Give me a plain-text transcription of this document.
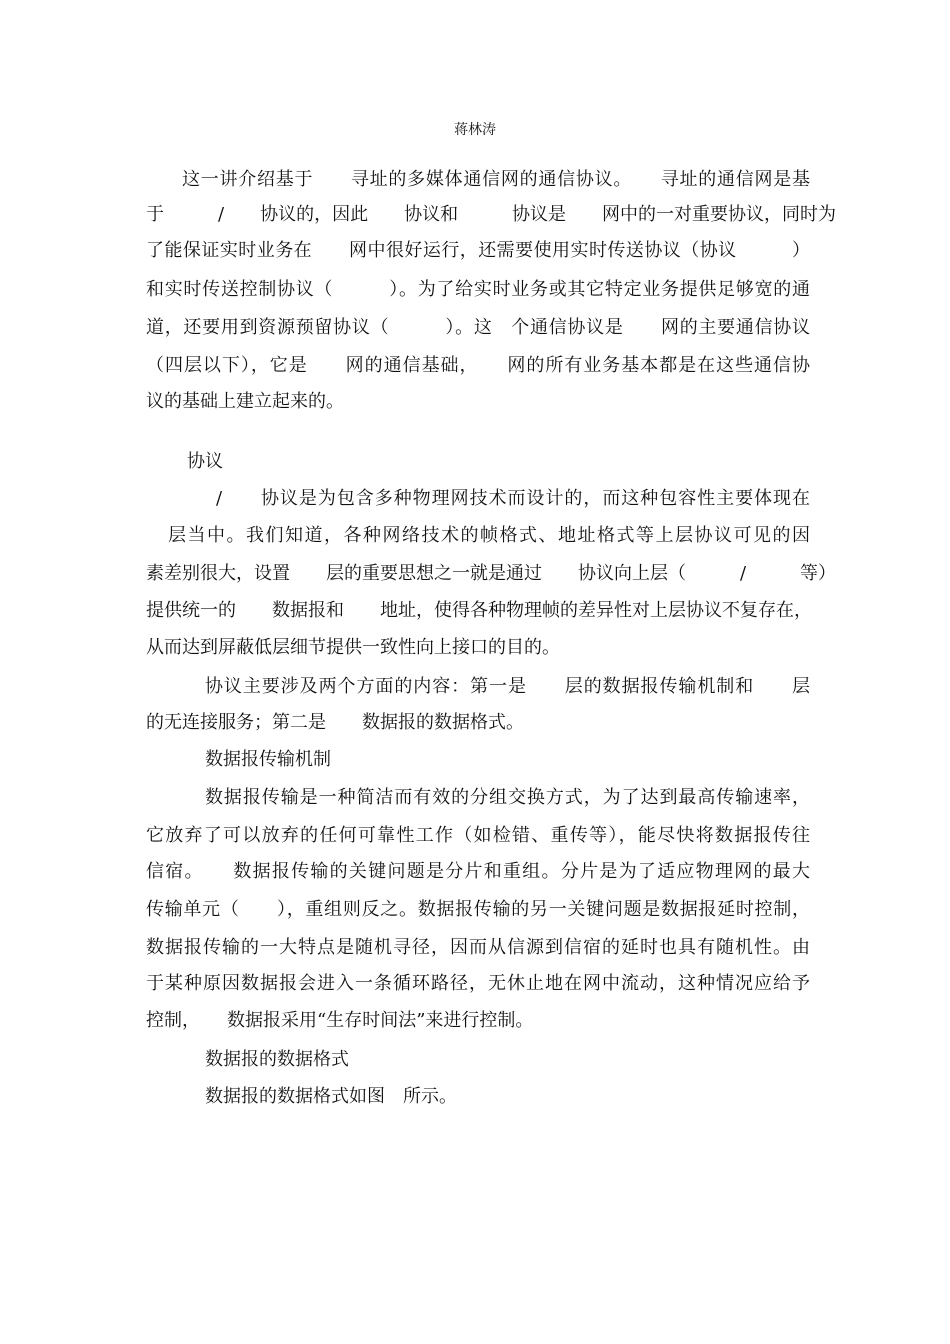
蒋林涛
这一讲介绍基于　　寻址的多媒体通信网的通信协议。　　寻址的通信网是基
于　　　/　　协议的，因此　　协议和　　　协议是　　网中的一对重要协议，同时为
了能保证实时业务在　　网中很好运行，还需要使用实时传送协议（协议　　　）
和实时传送控制协议（　　　）。为了给实时业务或其它特定业务提供足够宽的通
道，还要用到资源预留协议（　　　）。这　个通信协议是　　网的主要通信协议
（四层以下），它是　　网的通信基础，　　网的所有业务基本都是在这些通信协
议的基础上建立起来的。
协议
/　　协议是为包含多种物理网技术而设计的，而这种包容性主要体现在
层当中。我们知道，各种网络技术的帧格式、地址格式等上层协议可见的因
素差别很大，设置　　层的重要思想之一就是通过　　协议向上层（　　　/　　　等）
提供统一的　　数据报和　　地址，使得各种物理帧的差异性对上层协议不复存在，
从而达到屏蔽低层细节提供一致性向上接口的目的。
协议主要涉及两个方面的内容：第一是　　层的数据报传输机制和　　层
的无连接服务；第二是　　数据报的数据格式。
数据报传输机制
数据报传输是一种简洁而有效的分组交换方式，为了达到最高传输速率，
它放弃了可以放弃的任何可靠性工作（如检错、重传等），能尽快将数据报传往
信宿。　　数据报传输的关键问题是分片和重组。分片是为了适应物理网的最大
传输单元（　　），重组则反之。数据报传输的另一关键问题是数据报延时控制，
数据报传输的一大特点是随机寻径，因而从信源到信宿的延时也具有随机性。由
于某种原因数据报会进入一条循环路径，无休止地在网中流动，这种情况应给予
控制，　　数据报采用“生存时间法”来进行控制。
数据报的数据格式
数据报的数据格式如图　所示。
